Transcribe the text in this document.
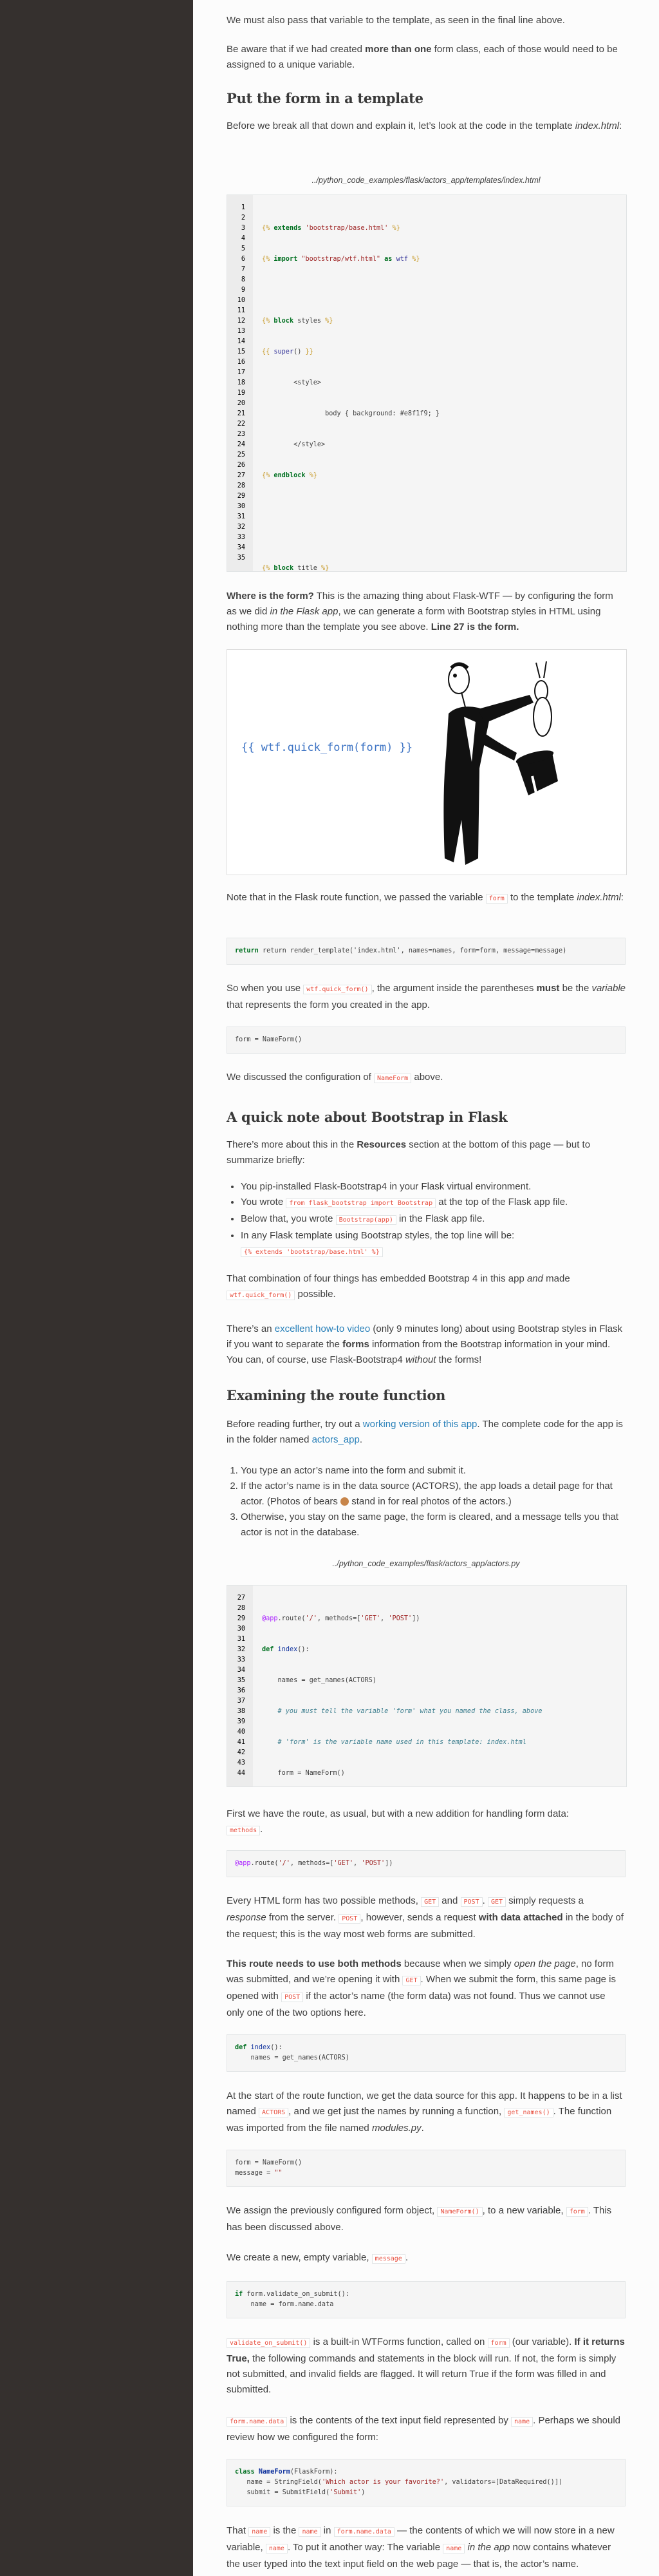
We must also pass that variable to the template, as seen in the final line above.

Be aware that if we had created more than one form class, each of those would need to be assigned to a unique variable.

Put the form in a template

Before we break all that down and explain it, let’s look at the code in the template index.html:

../python_code_examples/flask/actors_app/templates/index.html
1
2
3
4
5
6
7
8
9
10
11
12
13
14
15
16
17
18
19
20
21
22
23
24
25
26
27
28
29
30
31
32
33
34
35

{% extends 'bootstrap/base.html' %}

{% import "bootstrap/wtf.html" as wtf %}

{% block styles %}

{{ super() }}

<style>

body { background: #e8f1f9; }

</style>

{% endblock %}

{% block title %}

Where is the form? This is the amazing thing about Flask-WTF — by configuring the form as we did in the Flask app, we can generate a form with Bootstrap styles in HTML using nothing more than the template you see above. Line 27 is the form.

{{ wtf.quick_form(form) }}

Note that in the Flask route function, we passed the variable form to the template index.html:

return return render_template('index.html', names=names, form=form, message=message)

So when you use wtf.quick_form() , the argument inside the parentheses must be the variable that represents the form you created in the app.

form = NameForm()

We discussed the configuration of NameForm above.

A quick note about Bootstrap in Flask

There’s more about this in the Resources section at the bottom of this page — but to summarize briefly:

• You pip-installed Flask-Bootstrap4 in your Flask virtual environment.
• You wrote from flask_bootstrap import Bootstrap at the top of the Flask app file.
• Below that, you wrote Bootstrap(app) in the Flask app file.
• In any Flask template using Bootstrap styles, the top line will be:
{% extends 'bootstrap/base.html' %}

That combination of four things has embedded Bootstrap 4 in this app and made
wtf.quick_form() possible.

There’s an excellent how-to video (only 9 minutes long) about using Bootstrap styles in Flask if you want to separate the forms information from the Bootstrap information in your mind. You can, of course, use Flask-Bootstrap4 without the forms!

Examining the route function

Before reading further, try out a working version of this app. The complete code for the app is in the folder named actors_app.

1. You type an actor’s name into the form and submit it.
2. If the actor’s name is in the data source (ACTORS), the app loads a detail page for that actor. (Photos of bears  stand in for real photos of the actors.)
3. Otherwise, you stay on the same page, the form is cleared, and a message tells you that actor is not in the database.
../python_code_examples/flask/actors_app/actors.py
27
28
29
30
31
32
33
34
35
36
37
38
39
40
41
42
43
44

@app.route('/', methods=['GET', 'POST'])

def index():

names = get_names(ACTORS)

# you must tell the variable 'form' what you named the class, above

# 'form' is the variable name used in this template: index.html

form = NameForm()

First we have the route, as usual, but with a new addition for handling form data:
methods .

@app.route('/', methods=['GET', 'POST'])

Every HTML form has two possible methods, GET and POST . GET simply requests a response from the server. POST , however, sends a request with data attached in the body of the request; this is the way most web forms are submitted.

This route needs to use both methods because when we simply open the page, no form was submitted, and we’re opening it with GET . When we submit the form, this same page is opened with POST if the actor’s name (the form data) was not found. Thus we cannot use only one of the two options here.

def index():
names = get_names(ACTORS)

At the start of the route function, we get the data source for this app. It happens to be in a list named ACTORS , and we get just the names by running a function, get_names() . The function was imported from the file named modules.py.

form = NameForm()
message = ""

We assign the previously configured form object, NameForm() , to a new variable, form . This has been discussed above.

We create a new, empty variable, message .

if form.validate_on_submit():
name = form.name.data

validate_on_submit() is a built-in WTForms function, called on form (our variable). If it returns True, the following commands and statements in the block will run. If not, the form is simply not submitted, and invalid fields are flagged. It will return True if the form was filled in and submitted.

form.name.data is the contents of the text input field represented by name . Perhaps we should review how we configured the form:

class NameForm(FlaskForm):
name = StringField('Which actor is your favorite?', validators=[DataRequired()])
submit = SubmitField('Submit')

That name is the name in form.name.data — the contents of which we will now store in a new variable, name . To put it another way: The variable name in the app now contains whatever the user typed into the text input field on the web page — that is, the actor’s name.
